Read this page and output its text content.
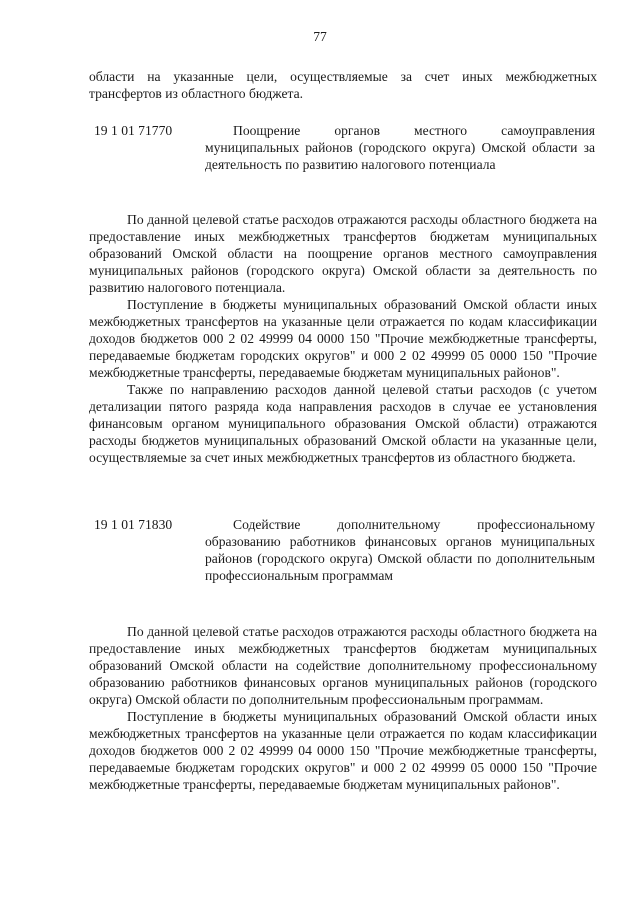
77

области на указанные цели, осуществляемые за счет иных межбюджетных трансфертов из областного бюджета.

19 1 01 71770	Поощрение органов местного самоуправления муниципальных районов (городского округа) Омской области за деятельность по развитию налогового потенциала

По данной целевой статье расходов отражаются расходы областного бюджета на предоставление иных межбюджетных трансфертов бюджетам муниципальных образований Омской области на поощрение органов местного самоуправления муниципальных районов (городского округа) Омской области за деятельность по развитию налогового потенциала.

Поступление в бюджеты муниципальных образований Омской области иных межбюджетных трансфертов на указанные цели отражается по кодам классификации доходов бюджетов 000 2 02 49999 04 0000 150 "Прочие межбюджетные трансферты, передаваемые бюджетам городских округов" и 000 2 02 49999 05 0000 150 "Прочие межбюджетные трансферты, передаваемые бюджетам муниципальных районов".

Также по направлению расходов данной целевой статьи расходов (с учетом детализации пятого разряда кода направления расходов в случае ее установления финансовым органом муниципального образования Омской области) отражаются расходы бюджетов муниципальных образований Омской области на указанные цели, осуществляемые за счет иных межбюджетных трансфертов из областного бюджета.

19 1 01 71830	Содействие дополнительному профессиональному образованию работников финансовых органов муниципальных районов (городского округа) Омской области по дополнительным профессиональным программам

По данной целевой статье расходов отражаются расходы областного бюджета на предоставление иных межбюджетных трансфертов бюджетам муниципальных образований Омской области на содействие дополнительному профессиональному образованию работников финансовых органов муниципальных районов (городского округа) Омской области по дополнительным профессиональным программам.

Поступление в бюджеты муниципальных образований Омской области иных межбюджетных трансфертов на указанные цели отражается по кодам классификации доходов бюджетов 000 2 02 49999 04 0000 150 "Прочие межбюджетные трансферты, передаваемые бюджетам городских округов" и 000 2 02 49999 05 0000 150 "Прочие межбюджетные трансферты, передаваемые бюджетам муниципальных районов".
